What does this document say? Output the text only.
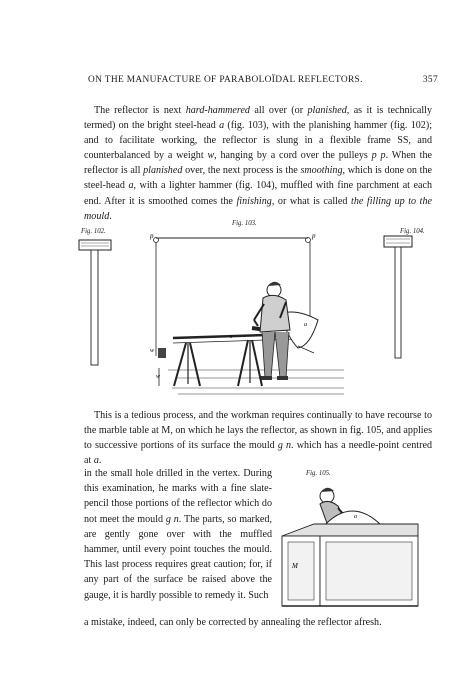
ON THE MANUFACTURE OF PARABOLOÏDAL REFLECTORS.	357

The reflector is next hard-hammered all over (or planished, as it is technically termed) on the bright steel-head a (fig. 103), with the planishing hammer (fig. 102); and to facilitate working, the reflector is slung in a flexible frame SS, and counterbalanced by a weight w, hanging by a cord over the pulleys p p. When the reflector is all planished over, the next process is the smoothing, which is done on the steel-head a, with a lighter hammer (fig. 104), muffled with fine parchment at each end. After it is smoothed comes the finishing, or what is called the filling up to the mould.

Fig. 102.
Fig. 103.
Fig. 104.
p	p
w
w
s
a

This is a tedious process, and the workman requires continually to have recourse to the marble table at M, on which he lays the reflector, as shown in fig. 105, and applies to successive portions of its surface the mould g n. which has a needle-point centred at a.

in the small hole drilled in the vertex. During this examination, he marks with a fine slate-pencil those portions of the reflector which do not meet the mould g n. The parts, so marked, are gently gone over with the muffled hammer, until every point touches the mould. This last process requires great caution; for, if any part of the surface be raised above the gauge, it is hardly possible to remedy it. Such

Fig. 105.
M
a

a mistake, indeed, can only be corrected by annealing the reflector afresh.
